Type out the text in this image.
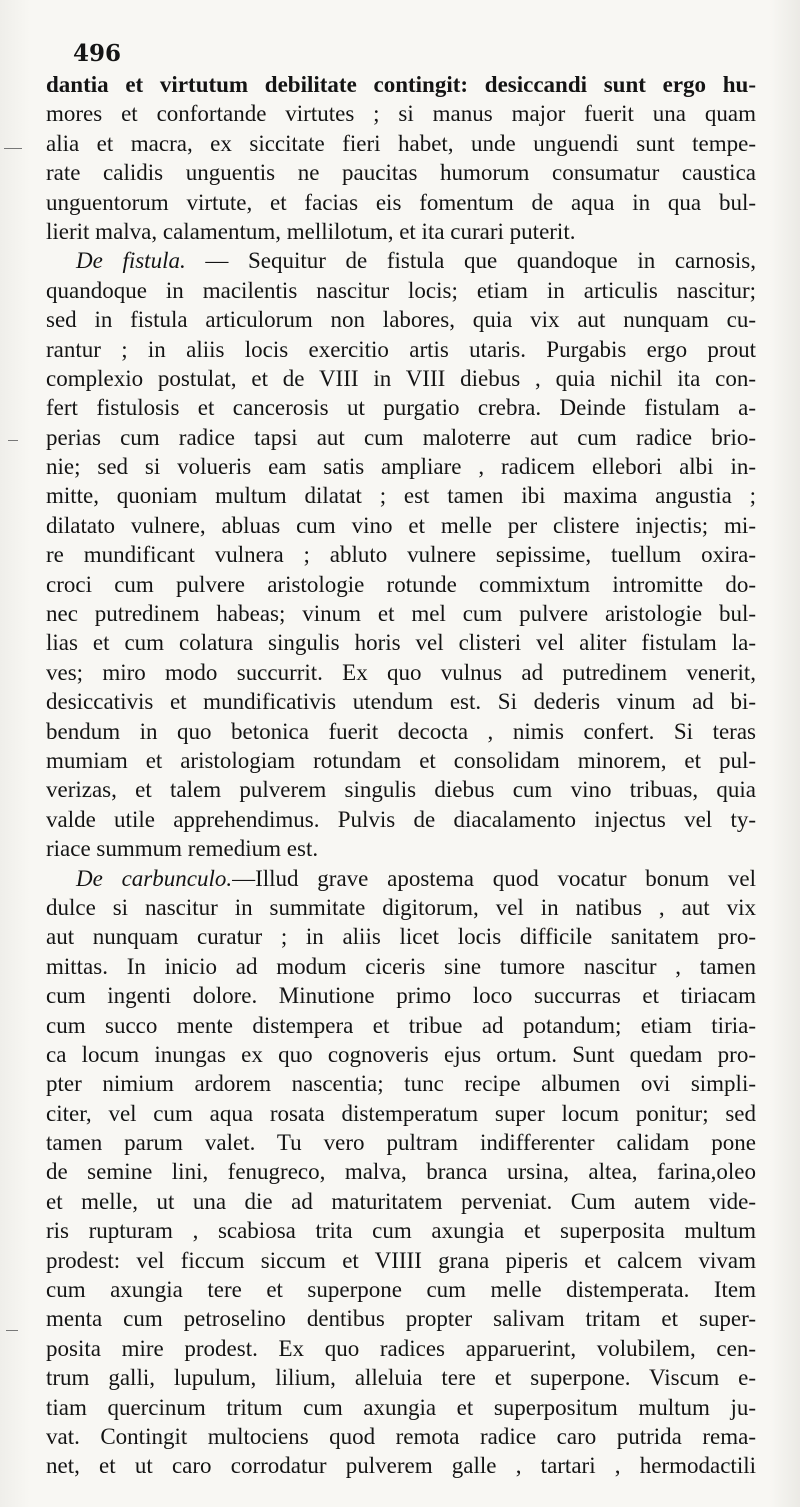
496
dantia et virtutum debilitate contingit: desiccandi sunt ergo hu-
mores et confortande virtutes ; si manus major fuerit una quam
alia et macra, ex siccitate fieri habet, unde unguendi sunt tempe-
rate calidis unguentis ne paucitas humorum consumatur caustica
unguentorum virtute, et facias eis fomentum de aqua in qua bul-
lierit malva, calamentum, mellilotum, et ita curari puterit.
De fistula. — Sequitur de fistula que quandoque in carnosis,
quandoque in macilentis nascitur locis; etiam in articulis nascitur;
sed in fistula articulorum non labores, quia vix aut nunquam cu-
rantur ; in aliis locis exercitio artis utaris. Purgabis ergo prout
complexio postulat, et de VIII in VIII diebus , quia nichil ita con-
fert fistulosis et cancerosis ut purgatio crebra. Deinde fistulam a-
perias cum radice tapsi aut cum maloterre aut cum radice brio-
nie; sed si volueris eam satis ampliare , radicem ellebori albi in-
mitte, quoniam multum dilatat ; est tamen ibi maxima angustia ;
dilatato vulnere, abluas cum vino et melle per clistere injectis; mi-
re mundificant vulnera ; abluto vulnere sepissime, tuellum oxira-
croci cum pulvere aristologie rotunde commixtum intromitte do-
nec putredinem habeas; vinum et mel cum pulvere aristologie bul-
lias et cum colatura singulis horis vel clisteri vel aliter fistulam la-
ves; miro modo succurrit. Ex quo vulnus ad putredinem venerit,
desiccativis et mundificativis utendum est. Si dederis vinum ad bi-
bendum in quo betonica fuerit decocta , nimis confert. Si teras
mumiam et aristologiam rotundam et consolidam minorem, et pul-
verizas, et talem pulverem singulis diebus cum vino tribuas, quia
valde utile apprehendimus. Pulvis de diacalamento injectus vel ty-
riace summum remedium est.
De carbunculo.—Illud grave apostema quod vocatur bonum vel
dulce si nascitur in summitate digitorum, vel in natibus , aut vix
aut nunquam curatur ; in aliis licet locis difficile sanitatem pro-
mittas. In inicio ad modum ciceris sine tumore nascitur , tamen
cum ingenti dolore. Minutione primo loco succurras et tiriacam
cum succo mente distempera et tribue ad potandum; etiam tiria-
ca locum inungas ex quo cognoveris ejus ortum. Sunt quedam pro-
pter nimium ardorem nascentia; tunc recipe albumen ovi simpli-
citer, vel cum aqua rosata distemperatum super locum ponitur; sed
tamen parum valet. Tu vero pultram indifferenter calidam pone
de semine lini, fenugreco, malva, branca ursina, altea, farina,oleo
et melle, ut una die ad maturitatem perveniat. Cum autem vide-
ris rupturam , scabiosa trita cum axungia et superposita multum
prodest: vel ficcum siccum et VIIII grana piperis et calcem vivam
cum axungia tere et superpone cum melle distemperata. Item
menta cum petroselino dentibus propter salivam tritam et super-
posita mire prodest. Ex quo radices apparuerint, volubilem, cen-
trum galli, lupulum, lilium, alleluia tere et superpone. Viscum e-
tiam quercinum tritum cum axungia et superpositum multum ju-
vat. Contingit multociens quod remota radice caro putrida rema-
net, et ut caro corrodatur pulverem galle , tartari , hermodactili
